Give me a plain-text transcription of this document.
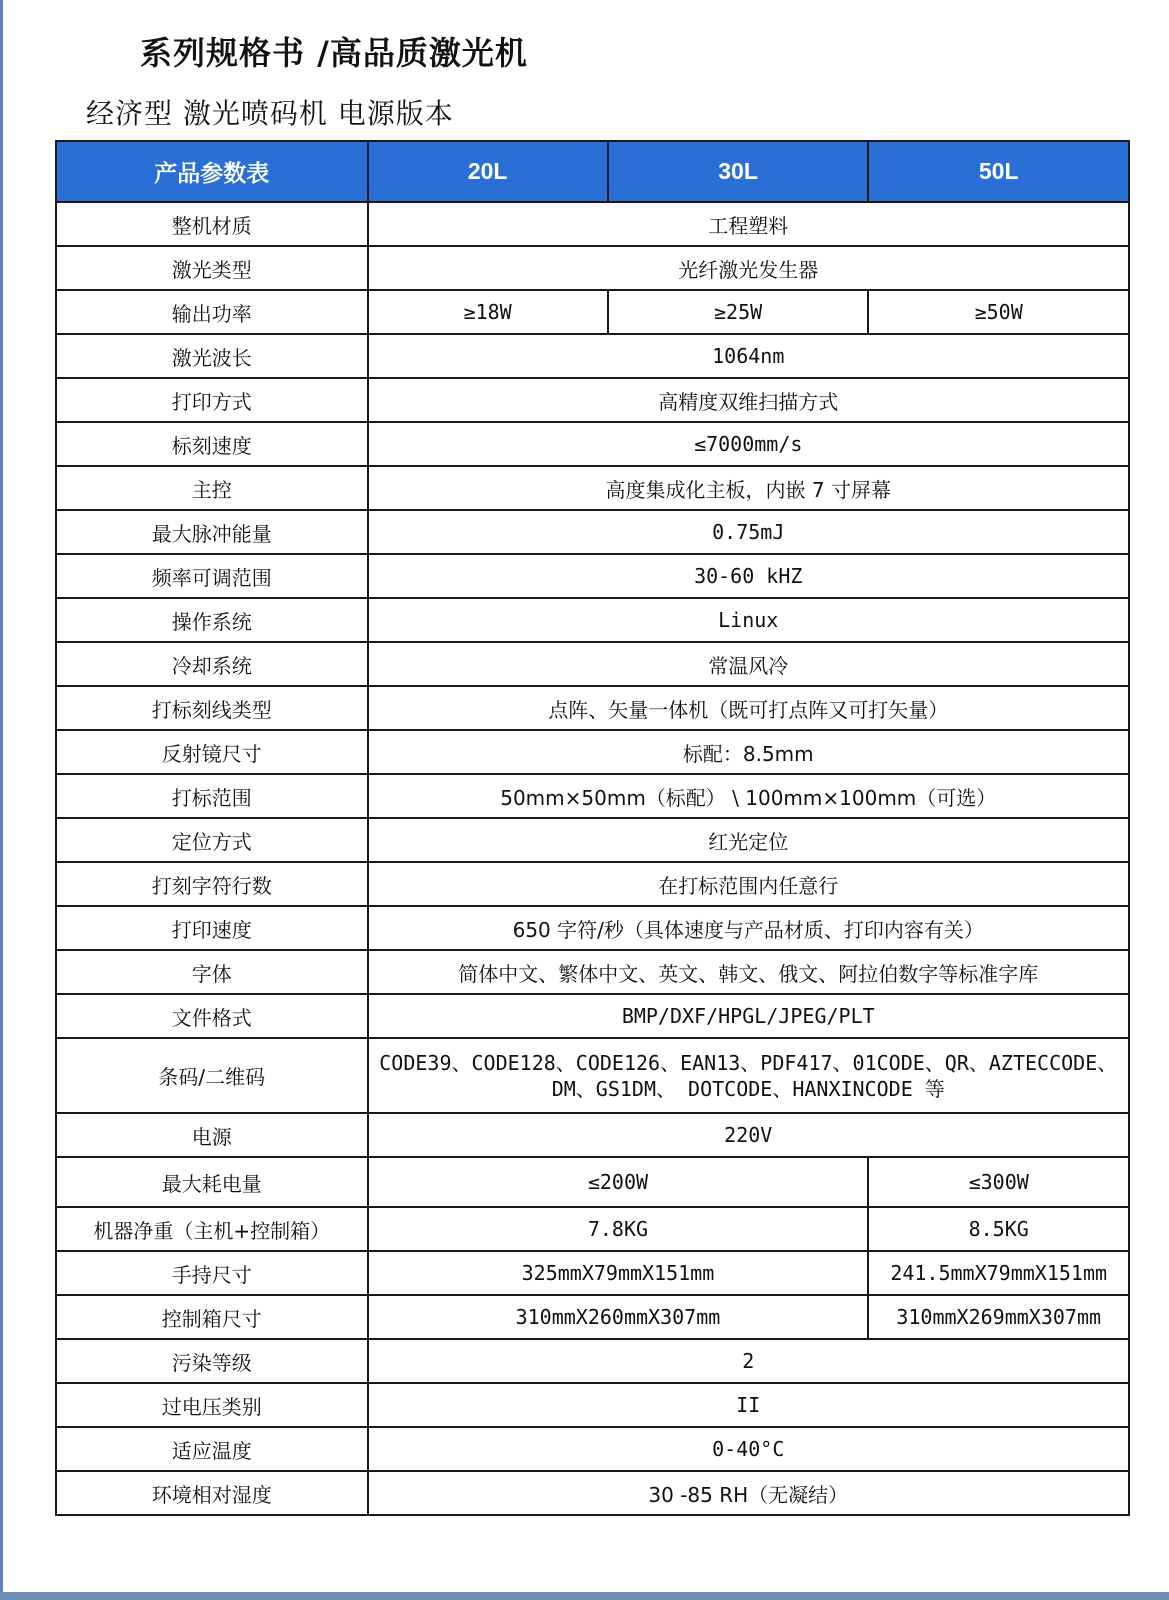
系列规格书 /高品质激光机
经济型 激光喷码机 电源版本
产品参数表	20L	30L	50L
整机材质	工程塑料		
激光类型	光纤激光发生器		
输出功率	≥18W	≥25W	≥50W
激光波长	1064nm		
打印方式	高精度双维扫描方式		
标刻速度	≤7000mm/s		
主控	高度集成化主板，内嵌 7 寸屏幕		
最大脉冲能量	0.75mJ		
频率可调范围	30-60 kHZ		
操作系统	Linux		
冷却系统	常温风冷		
打标刻线类型	点阵、矢量一体机（既可打点阵又可打矢量）		
反射镜尺寸	标配：8.5mm		
打标范围	50mm×50mm（标配） \ 100mm×100mm（可选）		
定位方式	红光定位		
打刻字符行数	在打标范围内任意行		
打印速度	650 字符/秒（具体速度与产品材质、打印内容有关）		
字体	简体中文、繁体中文、英文、韩文、俄文、阿拉伯数字等标准字库		
文件格式	BMP/DXF/HPGL/JPEG/PLT		
条码/二维码	CODE39、CODE128、CODE126、EAN13、PDF417、01CODE、QR、AZTECCODE、
DM、GS1DM、 DOTCODE、HANXINCODE 等		

电源	220V		
最大耗电量	≤200W		≤300W
机器净重（主机+控制箱）	7.8KG		8.5KG
手持尺寸	325mmX79mmX151mm		241.5mmX79mmX151mm
控制箱尺寸	310mmX260mmX307mm		310mmX269mmX307mm
污染等级	2		
过电压类别	II		
适应温度	0-40°C		
环境相对湿度	30 -85 RH（无凝结）		
